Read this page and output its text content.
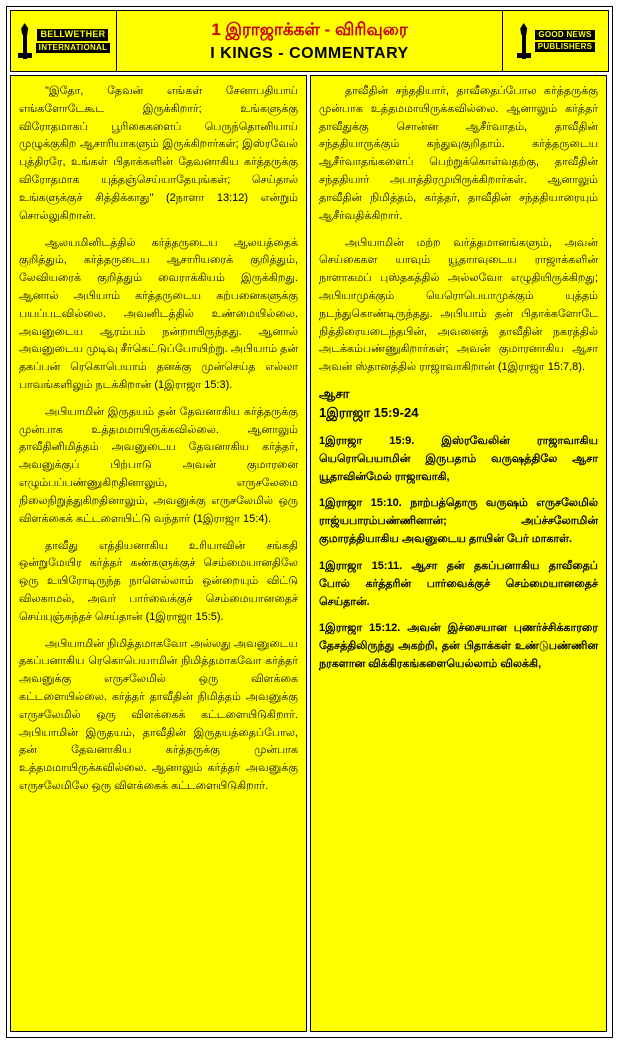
BELLWETHER
INTERNATIONAL
1 இராஜாக்கள் - விரிவுரை
I KINGS - COMMENTARY
GOOD NEWS
PUBLISHERS

"இதோ, தேவன் எங்கள் சேனாபதியாய் எங்களோடேகூட இருக்கிறார்; உங்களுக்கு விரோதமாகப் பூரிகைகளைப் பெருந்தொனியாய் முழுக்குகிற ஆசாரியாகளும் இருக்கிறார்கள்; இஸ்ரவேல் புத்திரரே, உங்கள் பிதாக்களின் தேவனாகிய கர்த்தருக்கு விரோதமாக யுத்தஞ்செய்யாதேயுங்கள்; செய்தால் உங்களுக்குச் சித்திக்காது" (2நாளா 13:12) என்றும் சொல்லுகிறான்.

ஆலயமினிடத்தில் கர்த்தருடைய ஆலயத்தைக் குறித்தும், கர்த்தருடைய ஆசாரியரைக் குறித்தும், லேவியரைக் குறித்தும் வைராக்கியம் இருக்கிறது. ஆனால் அபியாம் கர்த்தருடைய கற்பனைகளுக்கு பயப்படவில்லை. அவனிடத்தில் உண்மையில்லை. அவனுடைய ஆரம்பம் நன்றாயிருந்தது. ஆனால் அவனுடைய முடிவு சீர்கெட்டுப்போயிற்று. அபியாம் தன் தகப்பன் ரெகொபெயாம் தனக்கு முன்செய்த எல்லா பாவங்களிலும் நடக்கிறான் (1இராஜா 15:3).

அபியாமின் இருதயம் தன் தேவனாகிய கர்த்தருக்கு முன்பாக உத்தமமாயிருக்கவில்லை. ஆனாலும் தாவீதினிமித்தம் அவனுடைய தேவனாகிய கர்த்தர், அவனுக்குப் பிற்பாடு அவன் குமாரனை எழும்பப்பண்ணுகிறதினாலும், எருசலேமை நிலைநிறுத்துகிறதினாலும், அவனுக்கு எருசலேமில் ஒரு விளக்கைக் கட்டளையிட்டு வந்தார் (1இராஜா 15:4).

தாவீது எத்தியனாகிய உரியாவின் சங்கதி ஒன்றுமேயிர கர்த்தர் கண்களுக்குச் செம்மையானதிலே ஒரு உயிரோடிருந்த நாளெல்லாம் ஒன்றையும் விட்டு விலகாமல், அவர் பார்வைக்குச் செம்மையானதைச் செய்யுஞ்சுந்தச் செய்தான் (1இராஜா 15:5).

அபியாமின் நிமித்தமாகவோ அல்லது அவனுடைய தகப்பனாகிய ரெகொபெயாமின் நிமித்தமாகவோ கர்த்தர் அவனுக்கு எருசலேமில் ஒரு விளக்கை கட்டளையில்லை. கர்த்தர் தாவீதின் நிமித்தம் அவனுக்கு எருசலேமில் ஒரு விளக்கைக் கட்டளையிடுகிறார். அபியாமின் இருதயம், தாவீதின் இருதயத்தைப்போல, தன் தேவனாகிய கர்த்தருக்கு முன்பாக உத்தமமாயிருக்கவில்லை. ஆனாலும் கர்த்தர் அவனுக்கு எருசலேமிலே ஒரு விளக்கைக் கட்டளையிடுகிறார்.

தாவீதின் சந்ததியார், தாவீதைப்போல கர்த்தருக்கு முன்பாக உத்தமமாயிருக்கவில்லை. ஆனாலும் கர்த்தர் தாவீதுக்கு சொன்ன ஆசீர்வாதம், தாவீதின் சந்ததியாருக்கும் கந்துவுகுறிதாம். கர்த்தருடைய ஆசீர்வாதங்களைப் பெற்றுக்கொள்வதற்கு, தாவீதின் சந்ததியார் அபாத்திரமுயிருக்கிறார்கள். ஆனாலும் தாவீதின் நிமித்தம், கர்த்தர், தாவீதின் சந்ததியாரையும் ஆசீர்வதிக்கிறார்.

அபியாமின் மற்ற வர்த்தமானங்களும், அவன் செய்கைகள யாவும் யூதாாவுடைய ராஜாக்களின் நாளாகமப் புஸ்தகத்தில் அல்லவோ எழுதியிருக்கிறது; அபியாமுக்கும் யெரொபெயாமுக்கும் யுத்தம் நடந்துகொண்டிருந்தது. அபியாம் தன் பிதாக்களோடே நித்திரையடைந்தபின், அவனைத் தாவீதின் நகரத்தில் அடக்கம்பண்ணுகிறார்கள்; அவன் குமாரனாகிய ஆசா அவன் ஸ்தானத்தில் ராஜாவாகிறான் (1இராஜா 15:7,8).

ஆசா
1இராஜா 15:9-24

1இராஜா 15:9. இஸ்ரவேலின் ராஜாவாகிய யெரொபெயாமின் இருபதாம் வருஷத்திலே ஆசா யூதாவின்மேல் ராஜாவாகி,

1இராஜா 15:10. நாற்பத்தொரு வருஷம் எருசலேமில் ராஜ்யபாரம்பண்ணினான்; அப்ச்சலோமின் குமாரத்தியாகிய அவனுடைய தாயின் பேர் மாகாள்.

1இராஜா 15:11. ஆசா தன் தகப்பனாகிய தாவீதைப் போல் கர்த்தரின் பார்வைக்குச் செம்மையானதைச் செய்தான்.

1இராஜா 15:12. அவன் இச்சையான புணர்ச்சிக்காரரை தேசத்திலிருந்து அகற்றி, தன் பிதாக்கள் உண்டுபண்ணின நரகளான விக்கிரகங்களையெல்லாம் விலக்கி,
